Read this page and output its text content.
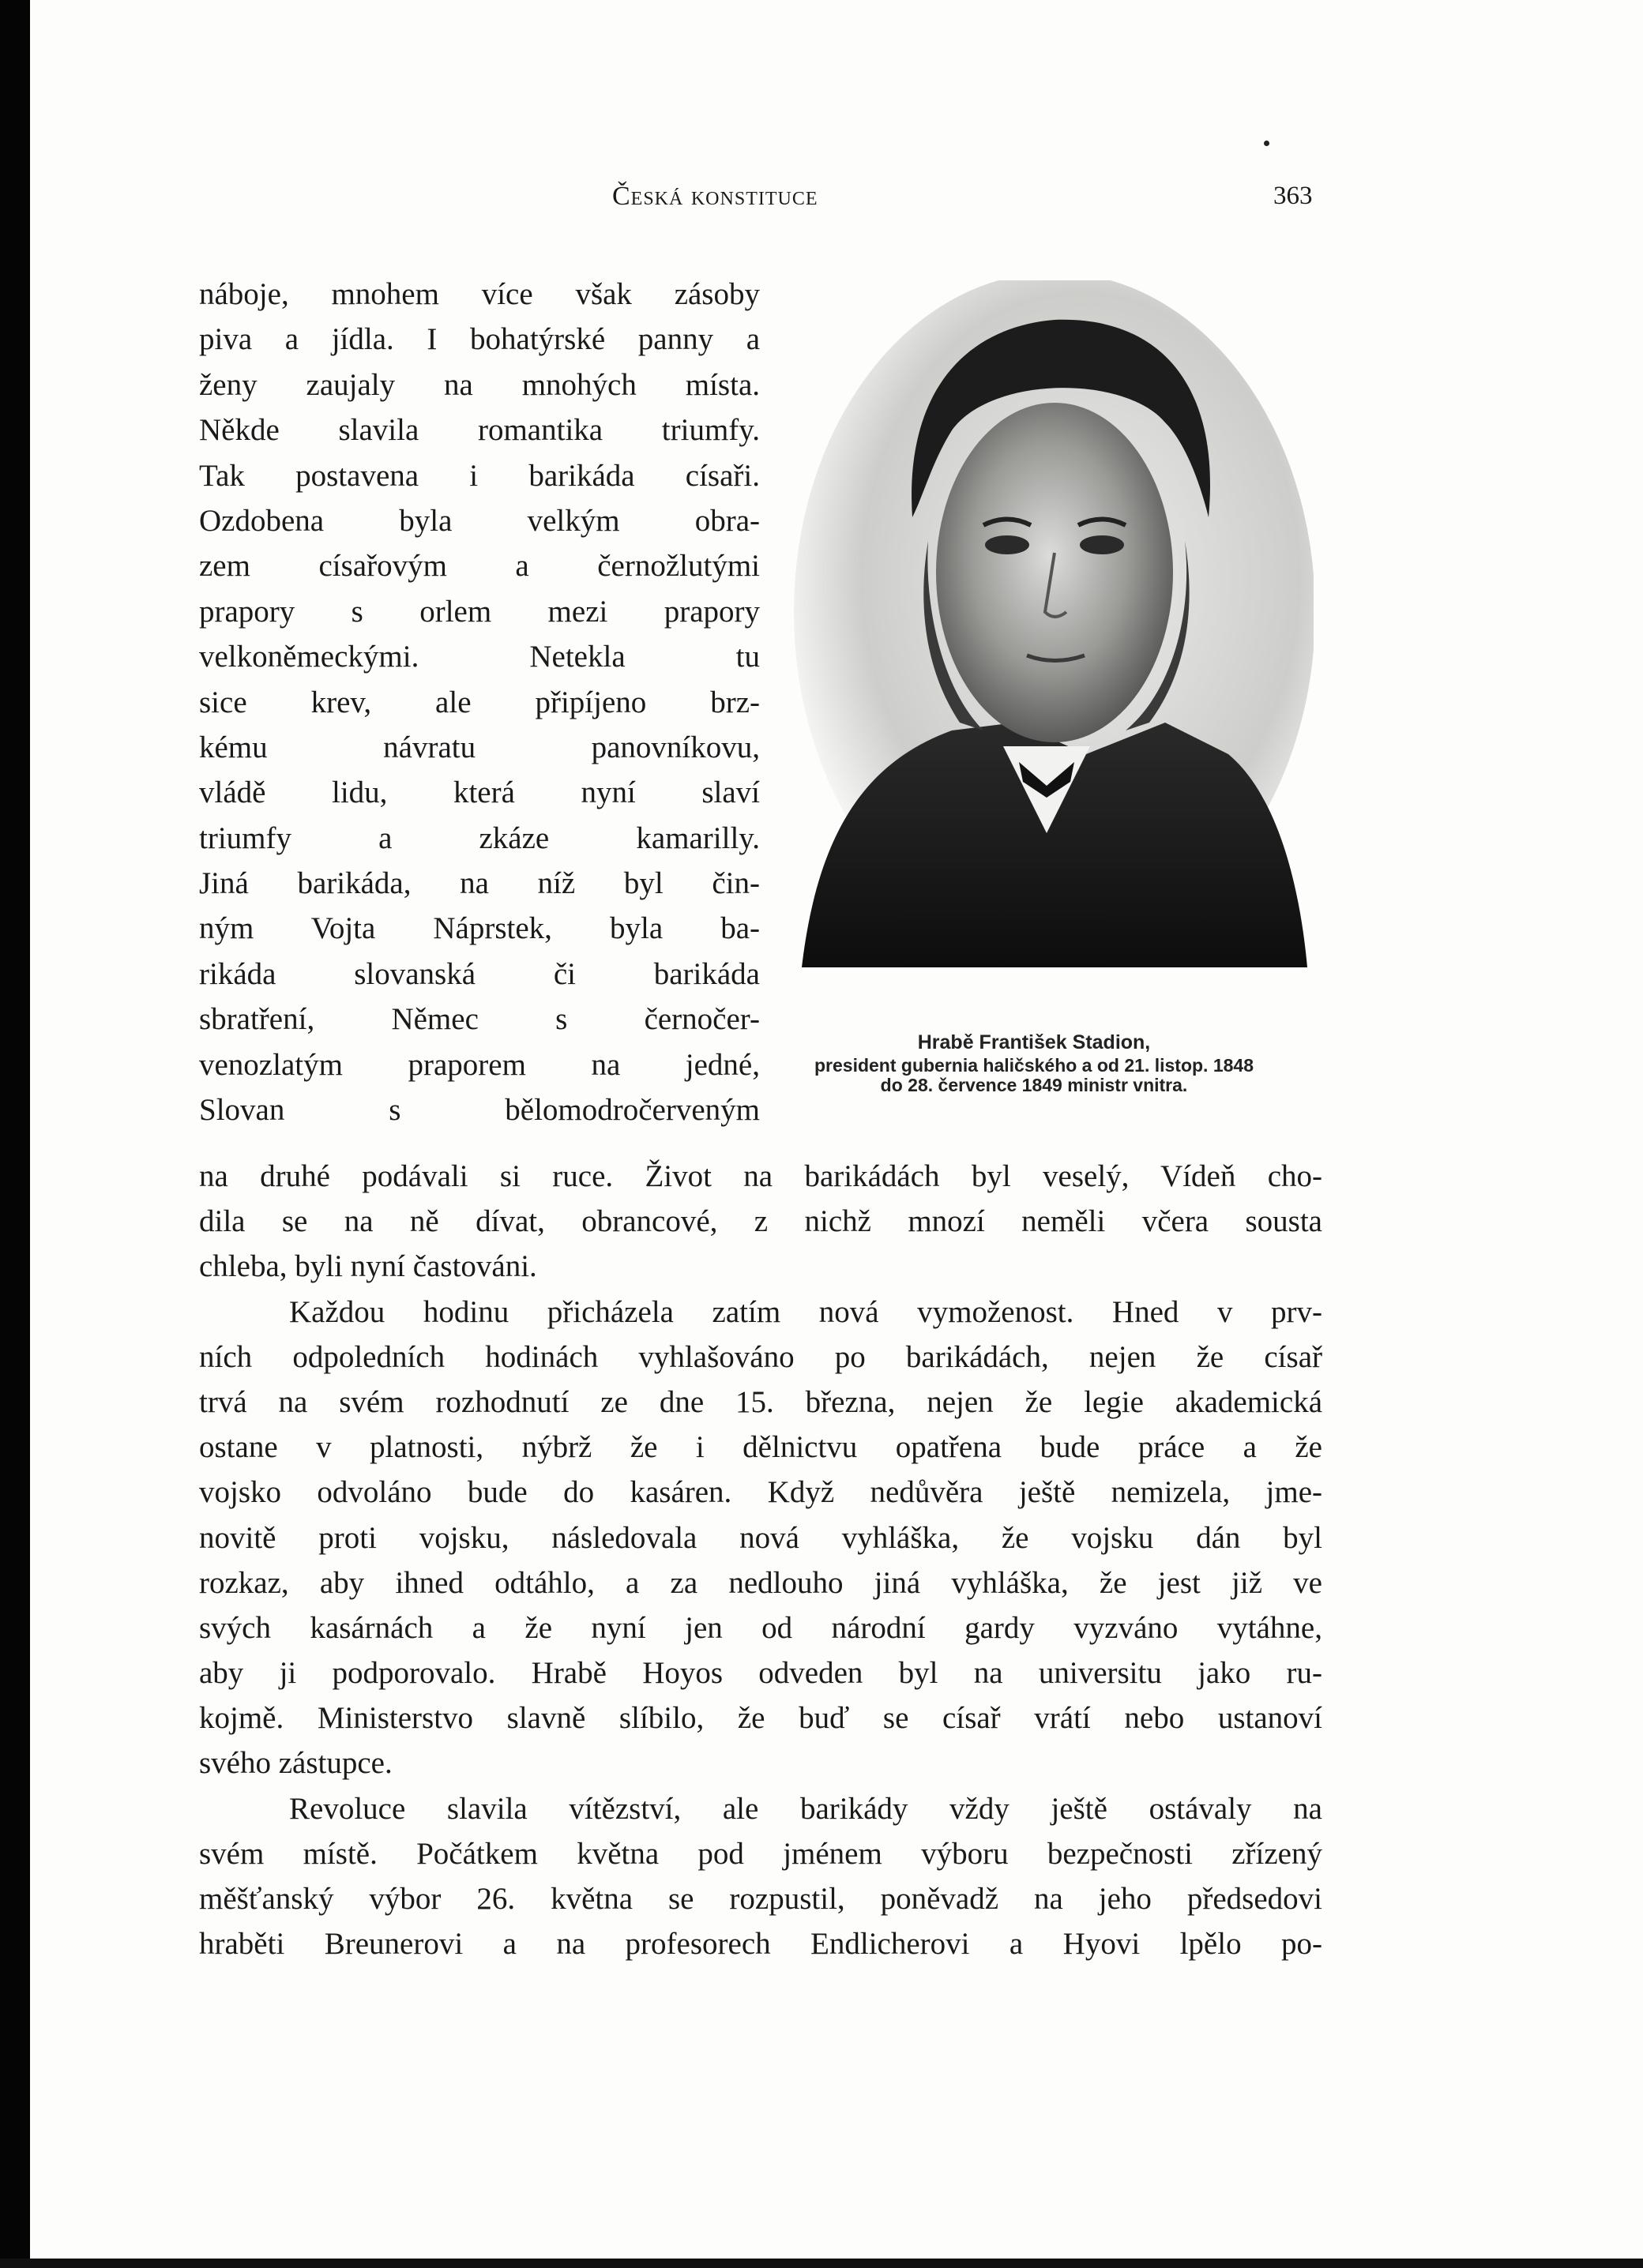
Česká konstituce	363
náboje, mnohem více však zásoby
piva a jídla. I bohatýrské panny a
ženy zaujaly na mnohých místa.
Někde slavila romantika triumfy.
Tak postavena i barikáda císaři.
Ozdobena byla velkým obra-
zem císařovým a černožlutými
prapory s orlem mezi prapory
velkoněmeckými. Netekla tu
sice krev, ale připíjeno brz-
kému návratu panovníkovu,
vládě lidu, která nyní slaví
triumfy a zkáze kamarilly.
Jiná barikáda, na níž byl čin-
ným Vojta Náprstek, byla ba-
rikáda slovanská či barikáda
sbratření, Němec s černočer-
venozlatým praporem na jedné,
Slovan s bělomodročerveným
Hrabě František Stadion,
president gubernia haličského a od 21. listop. 1848
do 28. července 1849 ministr vnitra.
na druhé podávali si ruce. Život na barikádách byl veselý, Vídeň cho-
dila se na ně dívat, obrancové, z nichž mnozí neměli včera sousta
chleba, byli nyní častováni.
Každou hodinu přicházela zatím nová vymoženost. Hned v prv-
ních odpoledních hodinách vyhlašováno po barikádách, nejen že císař
trvá na svém rozhodnutí ze dne 15. března, nejen že legie akademická
ostane v platnosti, nýbrž že i dělnictvu opatřena bude práce a že
vojsko odvoláno bude do kasáren. Když nedůvěra ještě nemizela, jme-
novitě proti vojsku, následovala nová vyhláška, že vojsku dán byl
rozkaz, aby ihned odtáhlo, a za nedlouho jiná vyhláška, že jest již ve
svých kasárnách a že nyní jen od národní gardy vyzváno vytáhne,
aby ji podporovalo. Hrabě Hoyos odveden byl na universitu jako ru-
kojmě. Ministerstvo slavně slíbilo, že buď se císař vrátí nebo ustanoví
svého zástupce.
Revoluce slavila vítězství, ale barikády vždy ještě ostávaly na
svém místě. Počátkem května pod jménem výboru bezpečnosti zřízený
měšťanský výbor 26. května se rozpustil, poněvadž na jeho předsedovi
hraběti Breunerovi a na profesorech Endlicherovi a Hyovi lpělo po-
